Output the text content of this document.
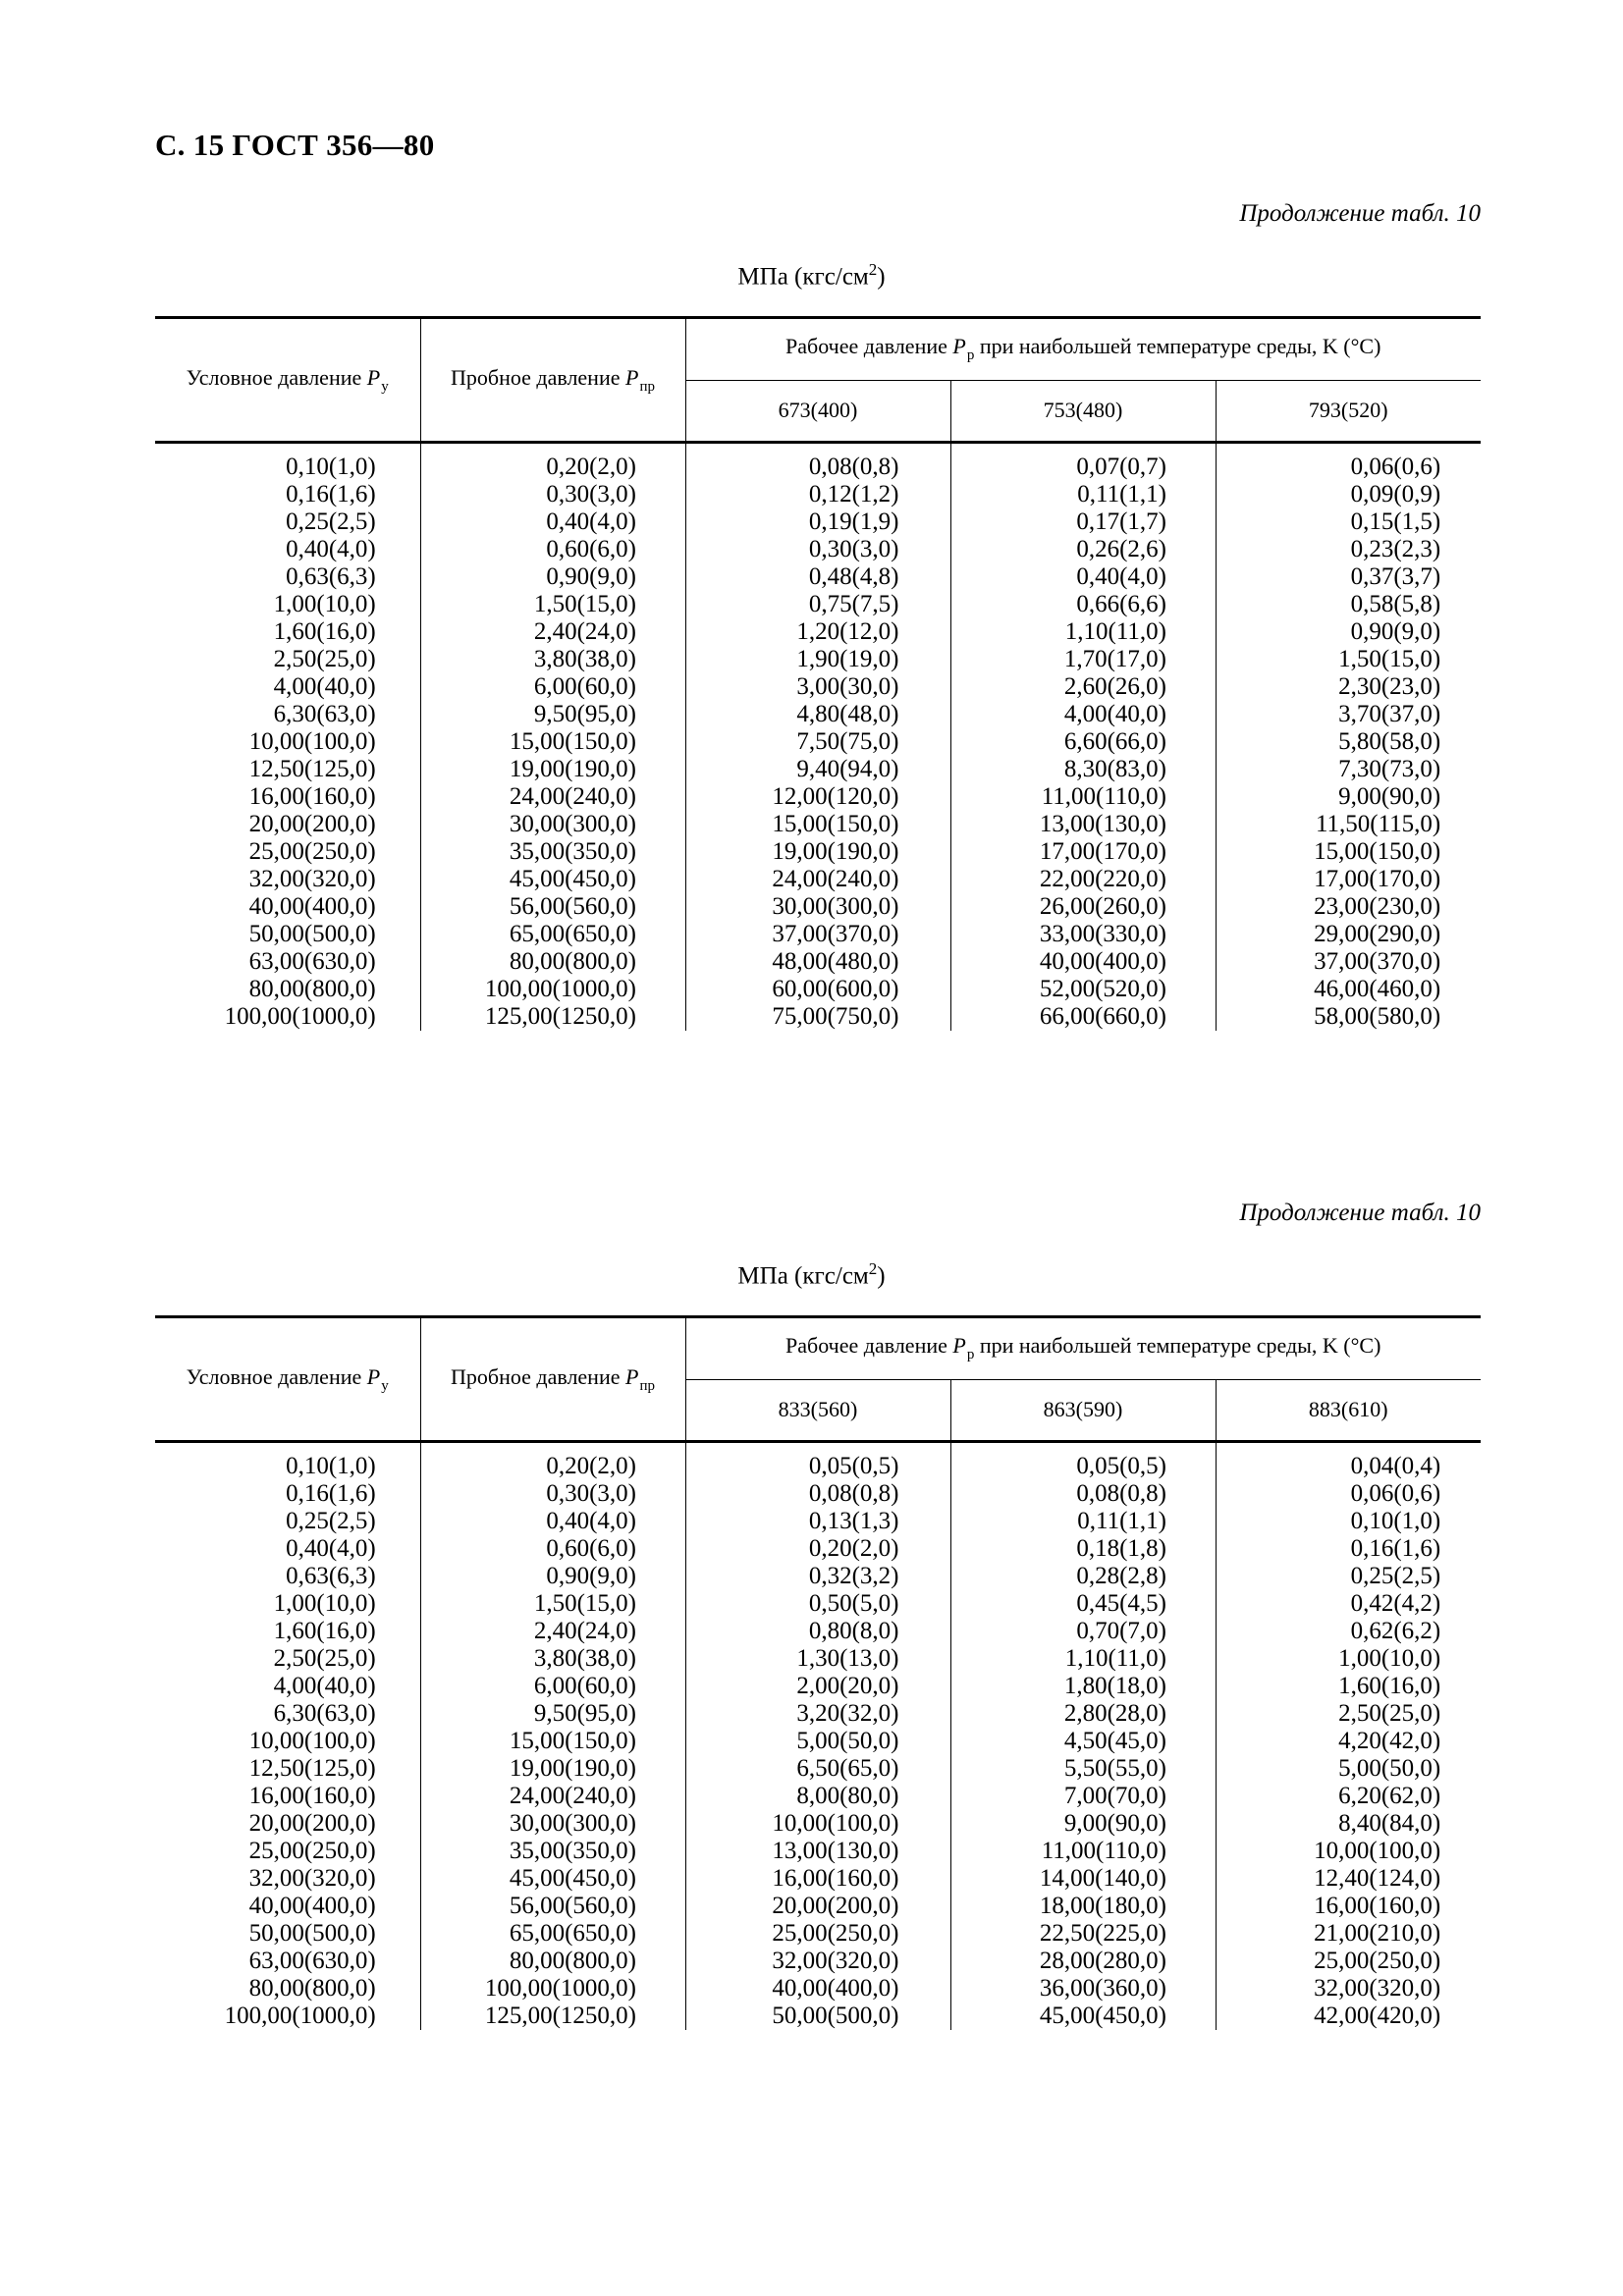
С. 15 ГОСТ 356—80
Продолжение табл. 10
МПа $(кгс/см^2)$
Условное давление $P_у$	Пробное давление $P_{пр}$	Рабочее давление $P_р$ при наибольшей температуре среды, K (°C)		
		673(400)	753(480)	793(520)
0,10(1,0)	0,20(2,0)	0,08(0,8)	0,07(0,7)	0,06(0,6)
0,16(1,6)	0,30(3,0)	0,12(1,2)	0,11(1,1)	0,09(0,9)
0,25(2,5)	0,40(4,0)	0,19(1,9)	0,17(1,7)	0,15(1,5)
0,40(4,0)	0,60(6,0)	0,30(3,0)	0,26(2,6)	0,23(2,3)
0,63(6,3)	0,90(9,0)	0,48(4,8)	0,40(4,0)	0,37(3,7)
1,00(10,0)	1,50(15,0)	0,75(7,5)	0,66(6,6)	0,58(5,8)
1,60(16,0)	2,40(24,0)	1,20(12,0)	1,10(11,0)	0,90(9,0)
2,50(25,0)	3,80(38,0)	1,90(19,0)	1,70(17,0)	1,50(15,0)
4,00(40,0)	6,00(60,0)	3,00(30,0)	2,60(26,0)	2,30(23,0)
6,30(63,0)	9,50(95,0)	4,80(48,0)	4,00(40,0)	3,70(37,0)
10,00(100,0)	15,00(150,0)	7,50(75,0)	6,60(66,0)	5,80(58,0)
12,50(125,0)	19,00(190,0)	9,40(94,0)	8,30(83,0)	7,30(73,0)
16,00(160,0)	24,00(240,0)	12,00(120,0)	11,00(110,0)	9,00(90,0)
20,00(200,0)	30,00(300,0)	15,00(150,0)	13,00(130,0)	11,50(115,0)
25,00(250,0)	35,00(350,0)	19,00(190,0)	17,00(170,0)	15,00(150,0)
32,00(320,0)	45,00(450,0)	24,00(240,0)	22,00(220,0)	17,00(170,0)
40,00(400,0)	56,00(560,0)	30,00(300,0)	26,00(260,0)	23,00(230,0)
50,00(500,0)	65,00(650,0)	37,00(370,0)	33,00(330,0)	29,00(290,0)
63,00(630,0)	80,00(800,0)	48,00(480,0)	40,00(400,0)	37,00(370,0)
80,00(800,0)	100,00(1000,0)	60,00(600,0)	52,00(520,0)	46,00(460,0)
100,00(1000,0)	125,00(1250,0)	75,00(750,0)	66,00(660,0)	58,00(580,0)
Продолжение табл. 10
МПа $(кгс/см^2)$
Условное давление $P_у$	Пробное давление $P_{пр}$	Рабочее давление $P_р$ при наибольшей температуре среды, K (°C)		
		833(560)	863(590)	883(610)
0,10(1,0)	0,20(2,0)	0,05(0,5)	0,05(0,5)	0,04(0,4)
0,16(1,6)	0,30(3,0)	0,08(0,8)	0,08(0,8)	0,06(0,6)
0,25(2,5)	0,40(4,0)	0,13(1,3)	0,11(1,1)	0,10(1,0)
0,40(4,0)	0,60(6,0)	0,20(2,0)	0,18(1,8)	0,16(1,6)
0,63(6,3)	0,90(9,0)	0,32(3,2)	0,28(2,8)	0,25(2,5)
1,00(10,0)	1,50(15,0)	0,50(5,0)	0,45(4,5)	0,42(4,2)
1,60(16,0)	2,40(24,0)	0,80(8,0)	0,70(7,0)	0,62(6,2)
2,50(25,0)	3,80(38,0)	1,30(13,0)	1,10(11,0)	1,00(10,0)
4,00(40,0)	6,00(60,0)	2,00(20,0)	1,80(18,0)	1,60(16,0)
6,30(63,0)	9,50(95,0)	3,20(32,0)	2,80(28,0)	2,50(25,0)
10,00(100,0)	15,00(150,0)	5,00(50,0)	4,50(45,0)	4,20(42,0)
12,50(125,0)	19,00(190,0)	6,50(65,0)	5,50(55,0)	5,00(50,0)
16,00(160,0)	24,00(240,0)	8,00(80,0)	7,00(70,0)	6,20(62,0)
20,00(200,0)	30,00(300,0)	10,00(100,0)	9,00(90,0)	8,40(84,0)
25,00(250,0)	35,00(350,0)	13,00(130,0)	11,00(110,0)	10,00(100,0)
32,00(320,0)	45,00(450,0)	16,00(160,0)	14,00(140,0)	12,40(124,0)
40,00(400,0)	56,00(560,0)	20,00(200,0)	18,00(180,0)	16,00(160,0)
50,00(500,0)	65,00(650,0)	25,00(250,0)	22,50(225,0)	21,00(210,0)
63,00(630,0)	80,00(800,0)	32,00(320,0)	28,00(280,0)	25,00(250,0)
80,00(800,0)	100,00(1000,0)	40,00(400,0)	36,00(360,0)	32,00(320,0)
100,00(1000,0)	125,00(1250,0)	50,00(500,0)	45,00(450,0)	42,00(420,0)
